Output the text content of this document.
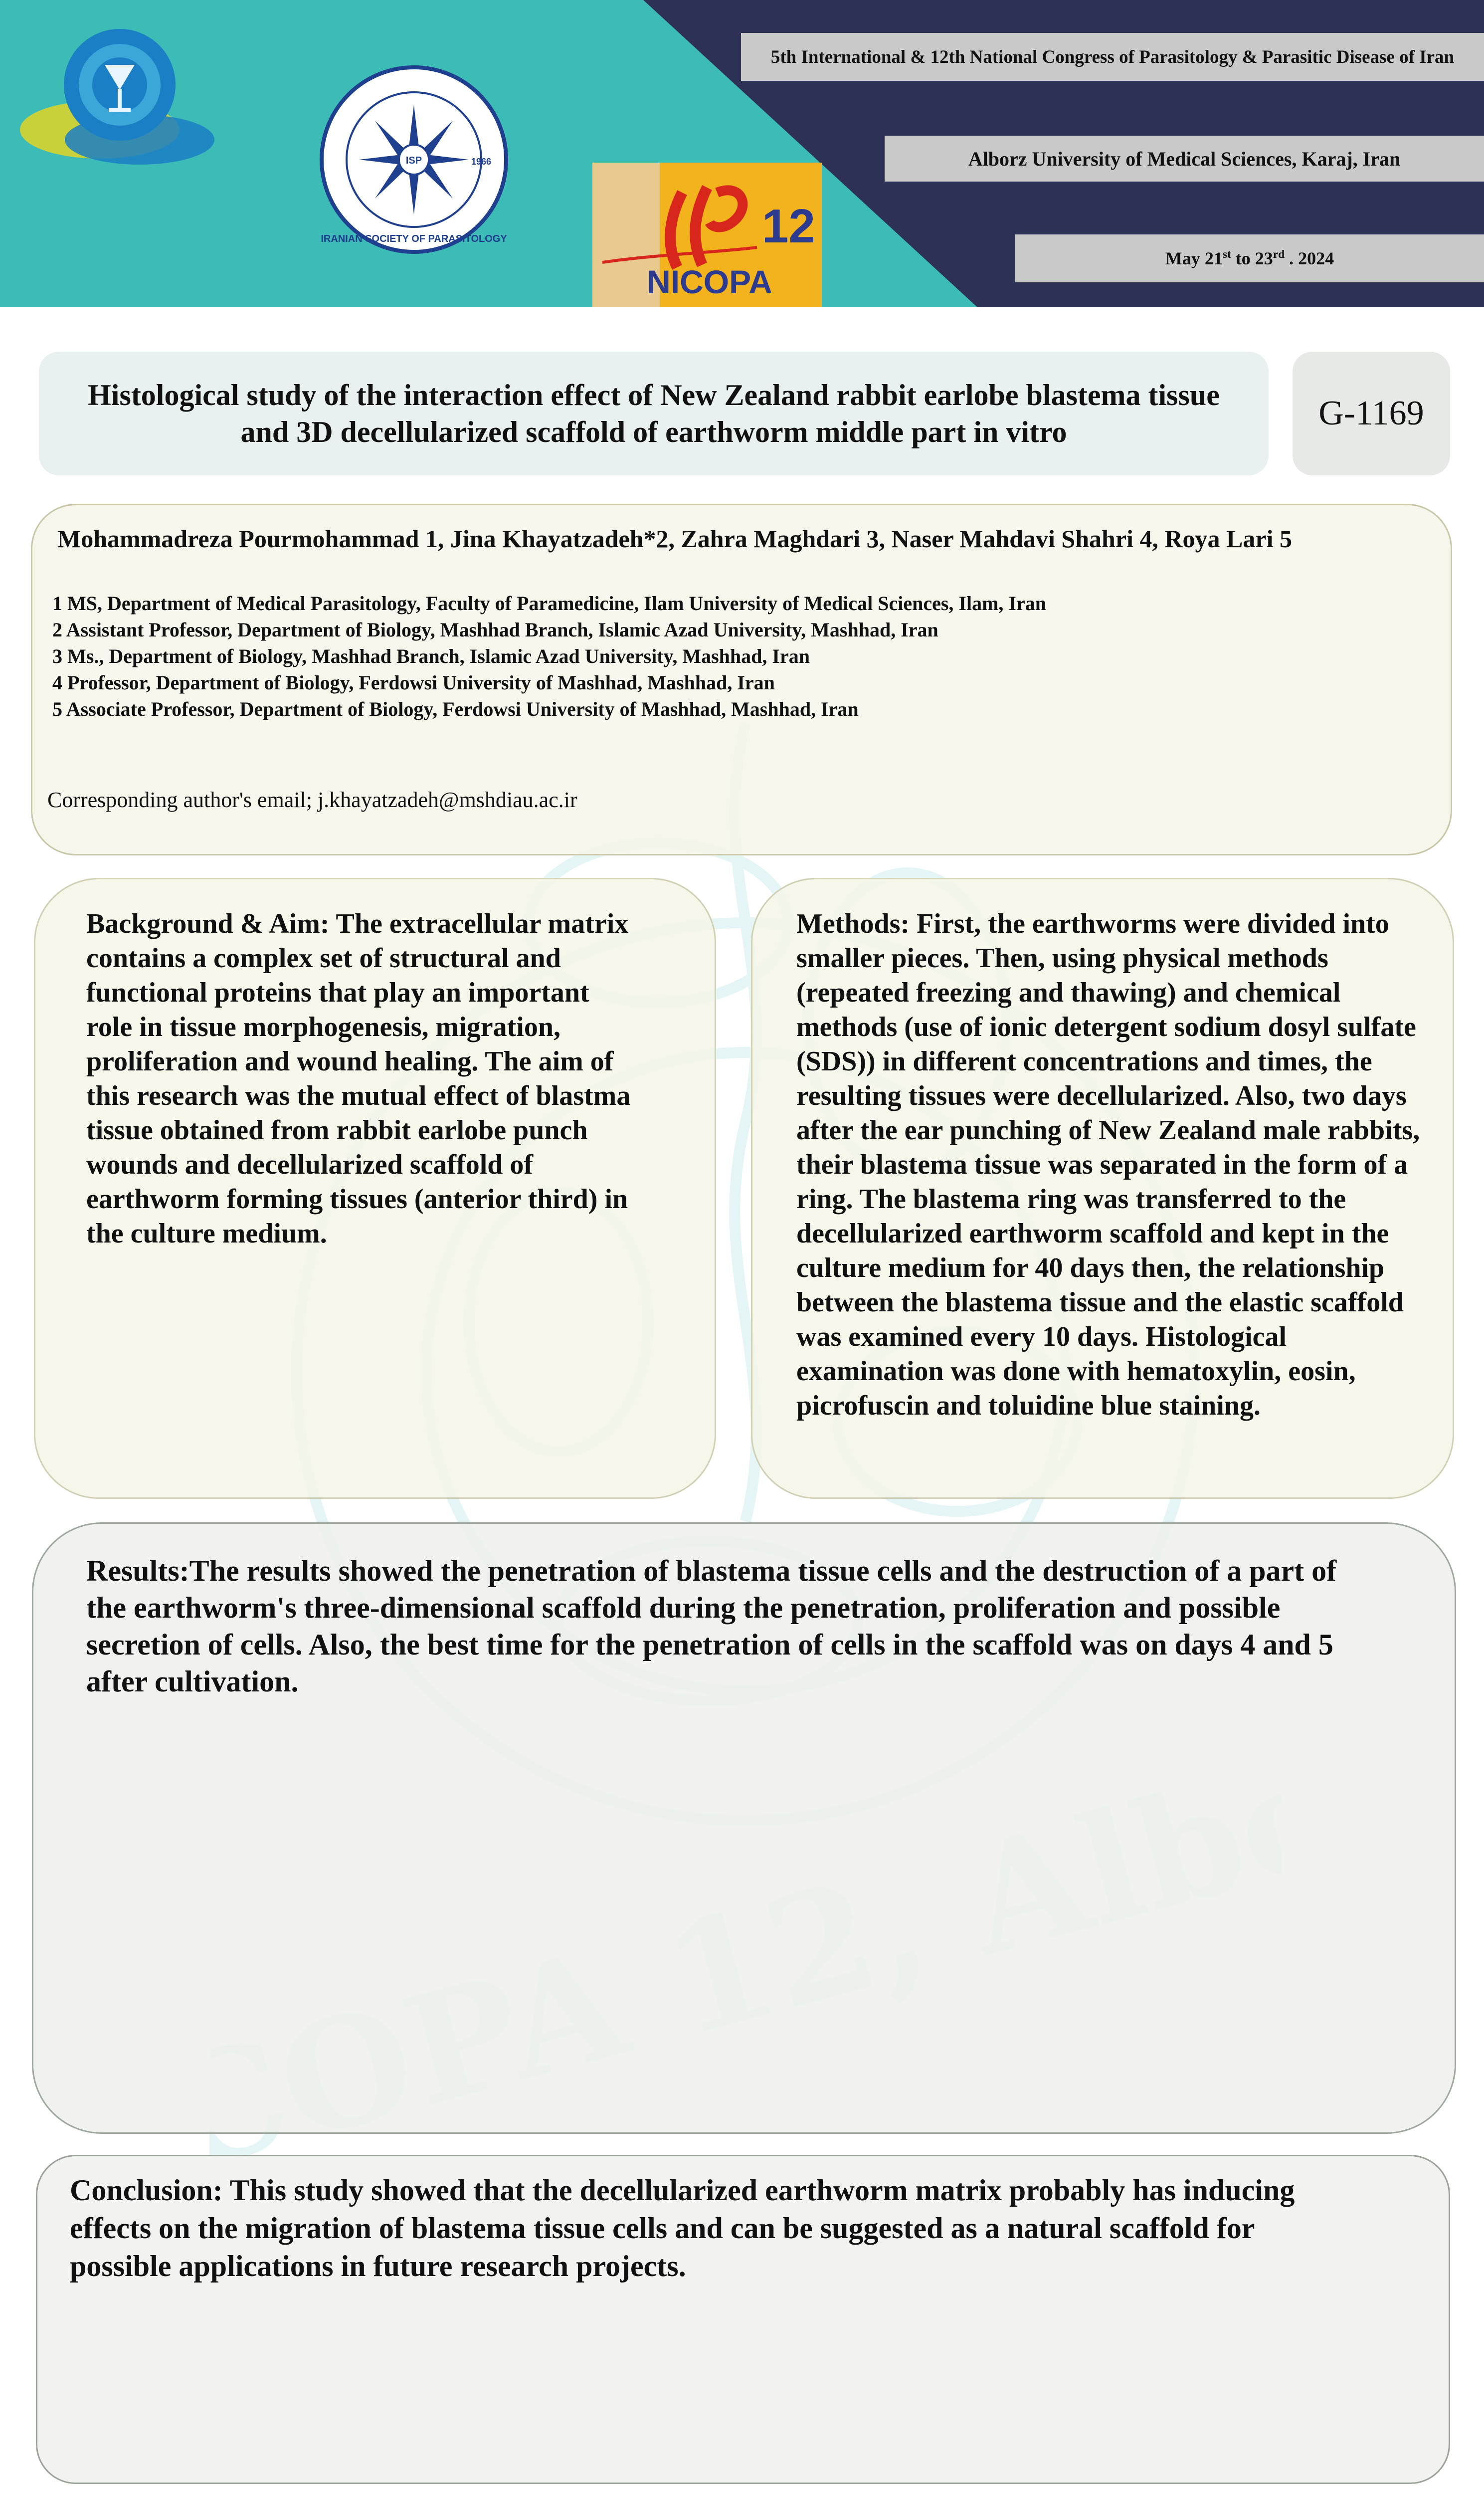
ISP
IRANIAN SOCIETY OF PARASITOLOGY
1966
12
NICOPA
5th International & 12th National Congress of Parasitology & Parasitic Disease of Iran
Alborz University of Medical Sciences, Karaj, Iran
May 21st to 23rd . 2024
Histological study of the interaction effect of New Zealand rabbit earlobe blastema tissue
and 3D decellularized scaffold of earthworm middle part in vitro	G-1169
Mohammadreza Pourmohammad 1, Jina Khayatzadeh*2, Zahra Maghdari 3, Naser Mahdavi Shahri 4, Roya Lari 5
1 MS, Department of Medical Parasitology, Faculty of Paramedicine, Ilam University of Medical Sciences, Ilam, Iran
2 Assistant Professor, Department of Biology, Mashhad Branch, Islamic Azad University, Mashhad, Iran
3 Ms., Department of Biology, Mashhad Branch, Islamic Azad University, Mashhad, Iran
4 Professor, Department of Biology, Ferdowsi University of Mashhad, Mashhad, Iran
5 Associate Professor, Department of Biology, Ferdowsi University of Mashhad, Mashhad, Iran
Corresponding author's email; j.khayatzadeh@mshdiau.ac.ir
Background & Aim: The extracellular matrix
contains a complex set of structural and
functional proteins that play an important
role in tissue morphogenesis, migration,
proliferation and wound healing. The aim of
this research was the mutual effect of blastma
tissue obtained from rabbit earlobe punch
wounds and decellularized scaffold of
earthworm forming tissues (anterior third) in
the culture medium.
Methods: First, the earthworms were divided into
smaller pieces. Then, using physical methods
(repeated freezing and thawing) and chemical
methods (use of ionic detergent sodium dosyl sulfate
(SDS)) in different concentrations and times, the
resulting tissues were decellularized. Also, two days
after the ear punching of New Zealand male rabbits,
their blastema tissue was separated in the form of a
ring. The blastema ring was transferred to the
decellularized earthworm scaffold and kept in the
culture medium for 40 days then, the relationship
between the blastema tissue and the elastic scaffold
was examined every 10 days. Histological
examination was done with hematoxylin, eosin,
picrofuscin and toluidine blue staining.
Results:The results showed the penetration of blastema tissue cells and the destruction of a part of
the earthworm's three-dimensional scaffold during the penetration, proliferation and possible
secretion of cells. Also, the best time for the penetration of cells in the scaffold was on days 4 and 5
after cultivation.
Conclusion: This study showed that the decellularized earthworm matrix probably has inducing
effects on the migration of blastema tissue cells and can be suggested as a natural scaffold for
possible applications in future research projects.
